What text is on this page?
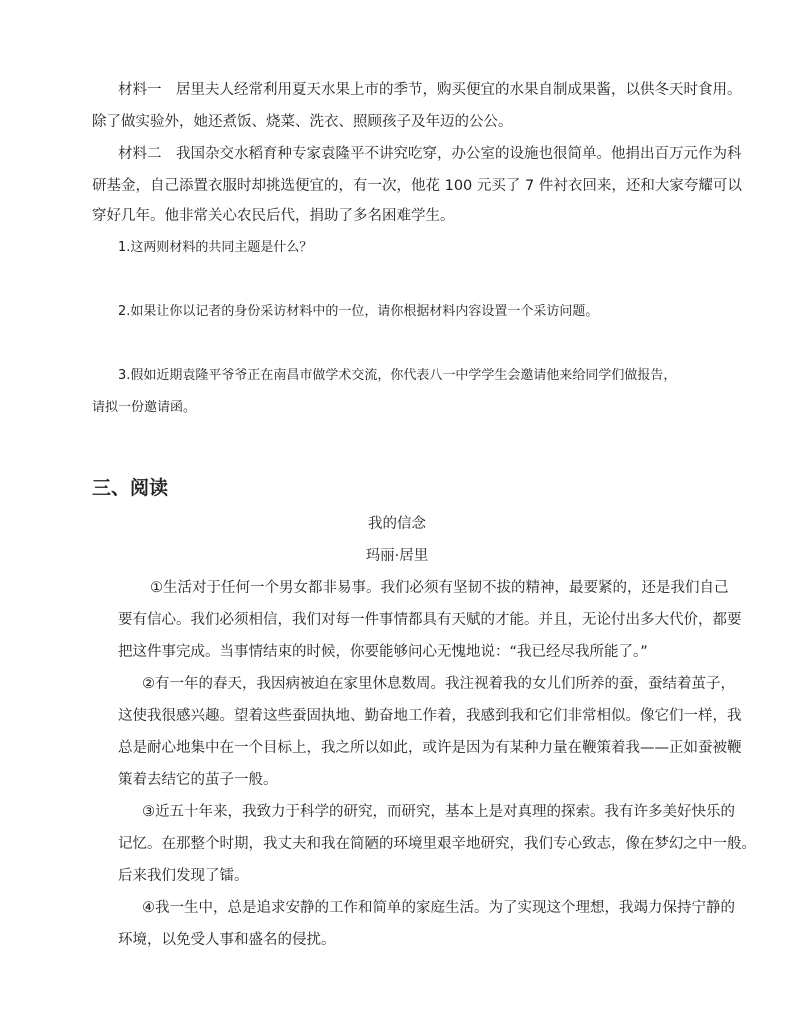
材料一　居里夫人经常利用夏天水果上市的季节，购买便宜的水果自制成果酱，以供冬天时食用。

除了做实验外，她还煮饭、烧菜、洗衣、照顾孩子及年迈的公公。

材料二　我国杂交水稻育种专家袁隆平不讲究吃穿，办公室的设施也很简单。他捐出百万元作为科

研基金，自己添置衣服时却挑选便宜的，有一次，他花 100 元买了 7 件衬衣回来，还和大家夸耀可以

穿好几年。他非常关心农民后代，捐助了多名困难学生。

1.这两则材料的共同主题是什么？

2.如果让你以记者的身份采访材料中的一位，请你根据材料内容设置一个采访问题。

3.假如近期袁隆平爷爷正在南昌市做学术交流，你代表八一中学学生会邀请他来给同学们做报告，

请拟一份邀请函。

三、阅读

我的信念

玛丽·居里

①生活对于任何一个男女都非易事。我们必须有坚韧不拔的精神，最要紧的，还是我们自己

要有信心。我们必须相信，我们对每一件事情都具有天赋的才能。并且，无论付出多大代价，都要

把这件事完成。当事情结束的时候，你要能够问心无愧地说：“我已经尽我所能了。”

②有一年的春天，我因病被迫在家里休息数周。我注视着我的女儿们所养的蚕，蚕结着茧子，

这使我很感兴趣。望着这些蚕固执地、勤奋地工作着，我感到我和它们非常相似。像它们一样，我

总是耐心地集中在一个目标上，我之所以如此，或许是因为有某种力量在鞭策着我——正如蚕被鞭

策着去结它的茧子一般。

③近五十年来，我致力于科学的研究，而研究，基本上是对真理的探索。我有许多美好快乐的

记忆。在那整个时期，我丈夫和我在简陋的环境里艰辛地研究，我们专心致志，像在梦幻之中一般。

后来我们发现了镭。

④我一生中，总是追求安静的工作和简单的家庭生活。为了实现这个理想，我竭力保持宁静的

环境，以免受人事和盛名的侵扰。
